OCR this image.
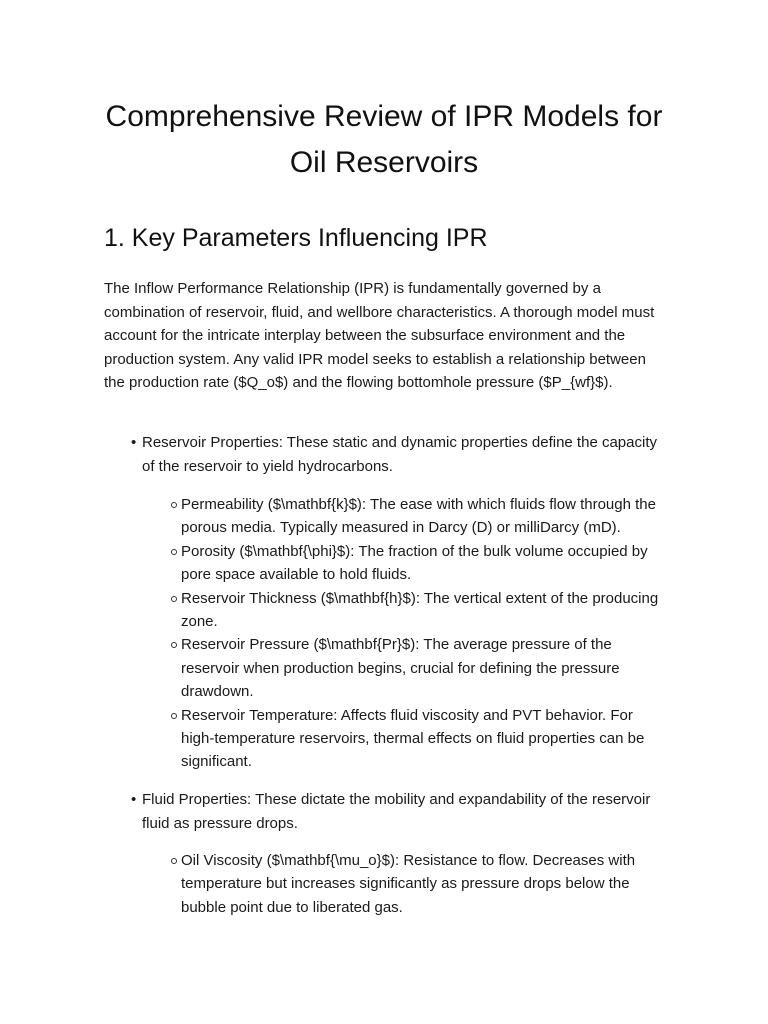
Comprehensive Review of IPR Models for Oil Reservoirs
1. Key Parameters Influencing IPR

The Inflow Performance Relationship (IPR) is fundamentally governed by a combination of reservoir, fluid, and wellbore characteristics. A thorough model must account for the intricate interplay between the subsurface environment and the production system. Any valid IPR model seeks to establish a relationship between the production rate ($Q_o$) and the flowing bottomhole pressure ($P_{wf}$).

• Reservoir Properties: These static and dynamic properties define the capacity of the reservoir to yield hydrocarbons.
Permeability ($\mathbf{k}$): The ease with which fluids flow through the porous media. Typically measured in Darcy (D) or milliDarcy (mD).
Porosity ($\mathbf{\phi}$): The fraction of the bulk volume occupied by pore space available to hold fluids.
Reservoir Thickness ($\mathbf{h}$): The vertical extent of the producing zone.
Reservoir Pressure ($\mathbf{Pr}$): The average pressure of the reservoir when production begins, crucial for defining the pressure drawdown.
Reservoir Temperature: Affects fluid viscosity and PVT behavior. For high-temperature reservoirs, thermal effects on fluid properties can be significant.
• Fluid Properties: These dictate the mobility and expandability of the reservoir fluid as pressure drops.
Oil Viscosity ($\mathbf{\mu_o}$): Resistance to flow. Decreases with temperature but increases significantly as pressure drops below the bubble point due to liberated gas.
